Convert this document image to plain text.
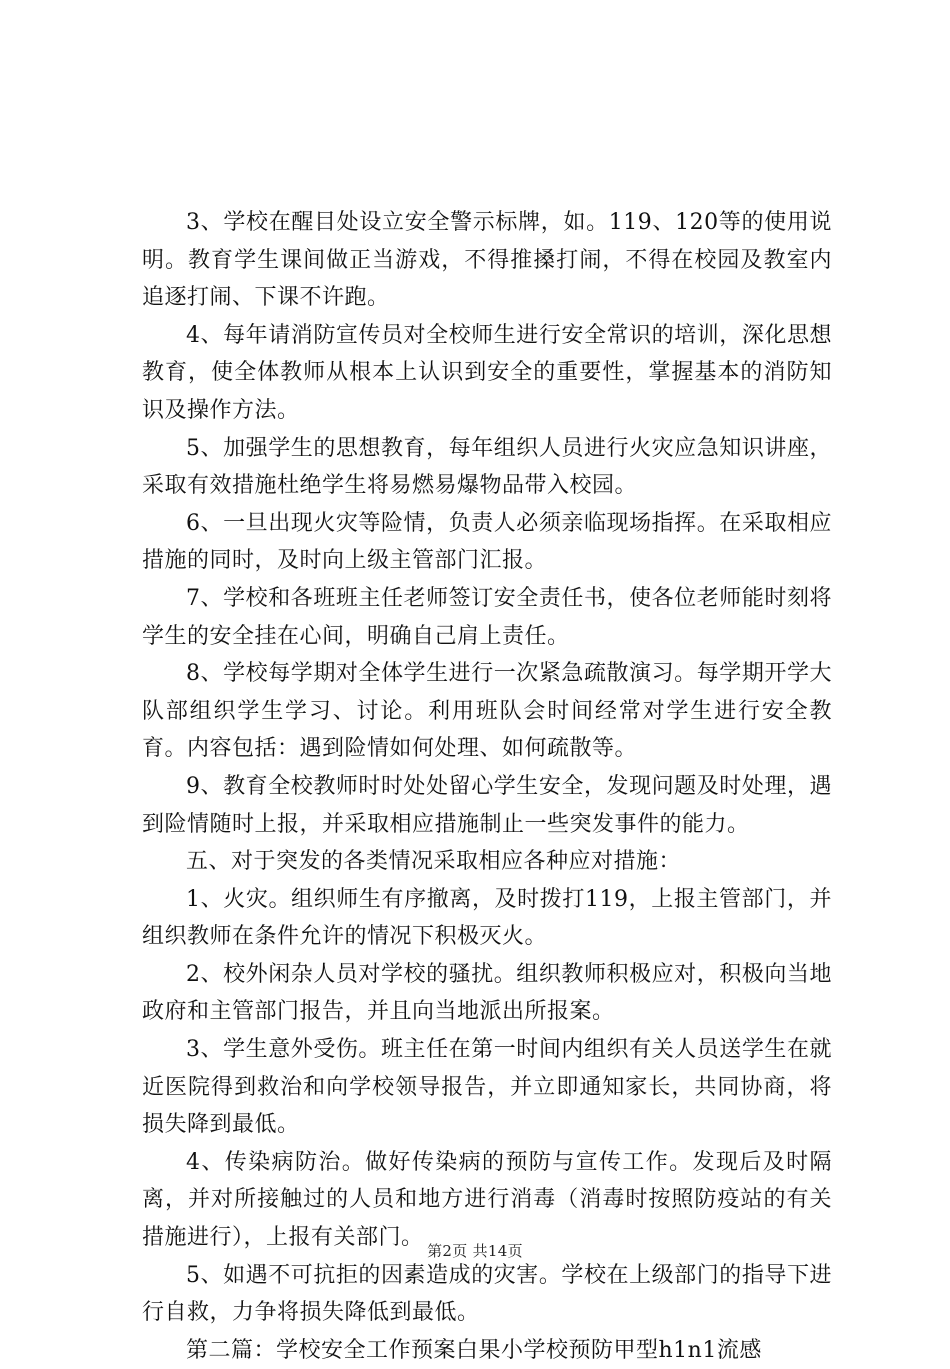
3、学校在醒目处设立安全警示标牌，如。119、120等的使用说明。教育学生课间做正当游戏，不得推搡打闹，不得在校园及教室内追逐打闹、下课不许跑。

4、每年请消防宣传员对全校师生进行安全常识的培训，深化思想教育，使全体教师从根本上认识到安全的重要性，掌握基本的消防知识及操作方法。

5、加强学生的思想教育，每年组织人员进行火灾应急知识讲座，采取有效措施杜绝学生将易燃易爆物品带入校园。

6、一旦出现火灾等险情，负责人必须亲临现场指挥。在采取相应措施的同时，及时向上级主管部门汇报。

7、学校和各班班主任老师签订安全责任书，使各位老师能时刻将学生的安全挂在心间，明确自己肩上责任。

8、学校每学期对全体学生进行一次紧急疏散演习。每学期开学大队部组织学生学习、讨论。利用班队会时间经常对学生进行安全教育。内容包括：遇到险情如何处理、如何疏散等。

9、教育全校教师时时处处留心学生安全，发现问题及时处理，遇到险情随时上报，并采取相应措施制止一些突发事件的能力。

五、对于突发的各类情况采取相应各种应对措施：

1、火灾。组织师生有序撤离，及时拨打119，上报主管部门，并组织教师在条件允许的情况下积极灭火。

2、校外闲杂人员对学校的骚扰。组织教师积极应对，积极向当地政府和主管部门报告，并且向当地派出所报案。

3、学生意外受伤。班主任在第一时间内组织有关人员送学生在就近医院得到救治和向学校领导报告，并立即通知家长，共同协商，将损失降到最低。

4、传染病防治。做好传染病的预防与宣传工作。发现后及时隔离，并对所接触过的人员和地方进行消毒（消毒时按照防疫站的有关措施进行），上报有关部门。

5、如遇不可抗拒的因素造成的灾害。学校在上级部门的指导下进行自救，力争将损失降低到最低。

第二篇：学校安全工作预案白果小学校预防甲型h1n1流感

第2页 共14页
